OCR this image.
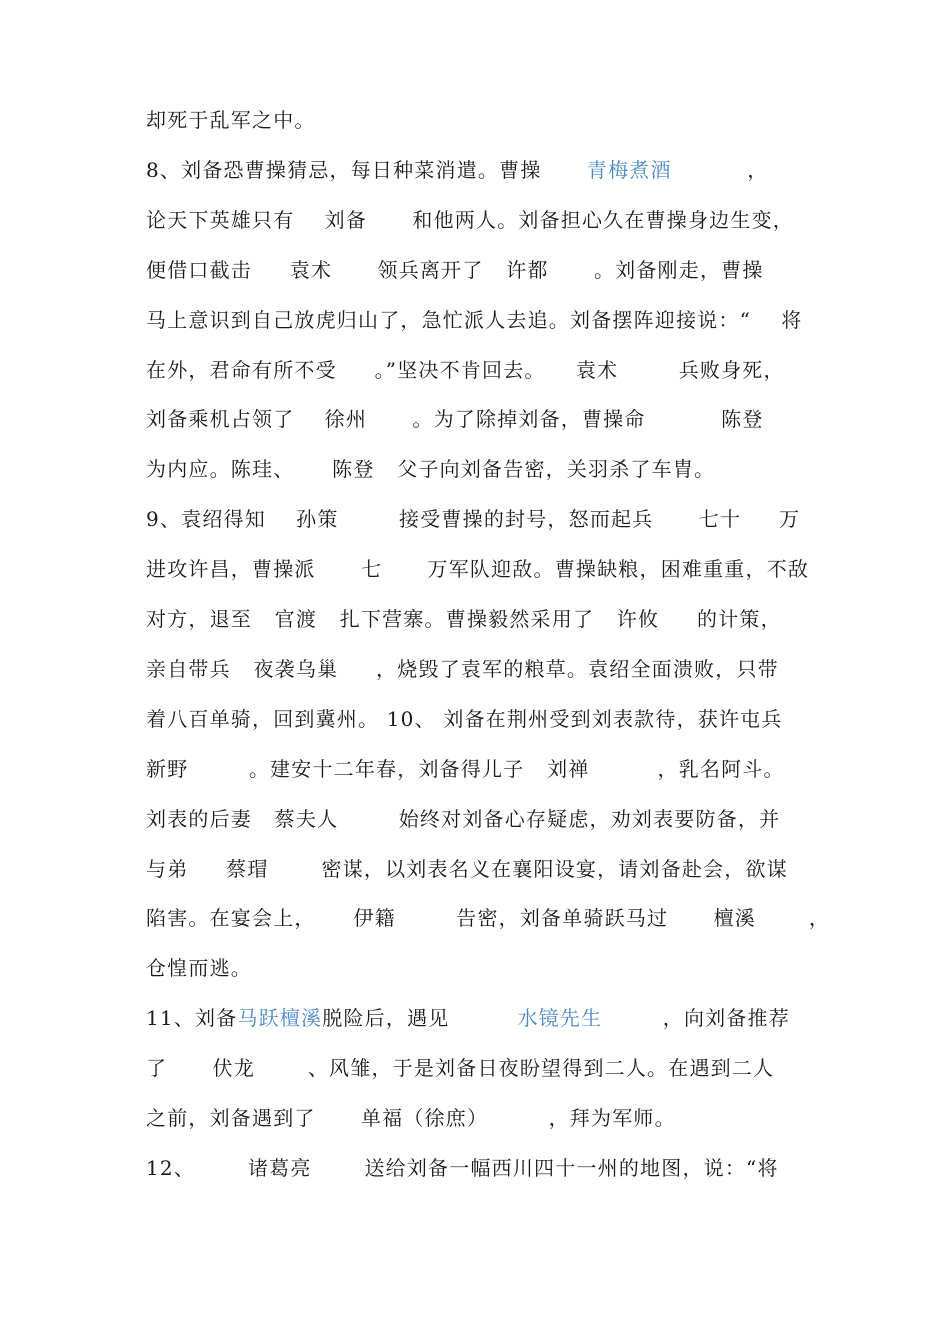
却死于乱军之中。
8、刘备恐曹操猜忌，每日种菜消遣。曹操      青梅煮酒          ，
论天下英雄只有    刘备      和他两人。刘备担心久在曹操身边生变，
便借口截击     袁术      领兵离开了   许都      。刘备刚走，曹操
马上意识到自己放虎归山了，急忙派人去追。刘备摆阵迎接说：“    将
在外，君命有所不受     。”坚决不肯回去。    袁术        兵败身死，
刘备乘机占领了    徐州      。为了除掉刘备，曹操命          陈登
为内应。陈珪、     陈登   父子向刘备告密，关羽杀了车胄。
9、袁绍得知    孙策        接受曹操的封号，怒而起兵      七十     万
进攻许昌，曹操派      七      万军队迎敌。曹操缺粮，困难重重，不敌
对方，退至   官渡   扎下营寨。曹操毅然采用了   许攸     的计策，
亲自带兵   夜袭乌巢     ，烧毁了袁军的粮草。袁绍全面溃败，只带
着八百单骑，回到冀州。 10、 刘备在荆州受到刘表款待，获许屯兵
新野        。建安十二年春，刘备得儿子   刘禅         ，乳名阿斗。
刘表的后妻   蔡夫人        始终对刘备心存疑虑，劝刘表要防备，并
与弟     蔡瑁       密谋，以刘表名义在襄阳设宴，请刘备赴会，欲谋
陷害。在宴会上，     伊籍        告密，刘备单骑跃马过      檀溪       ，
仓惶而逃。
11、刘备马跃檀溪脱险后，遇见         水镜先生        ，向刘备推荐
了      伏龙       、风雏，于是刘备日夜盼望得到二人。在遇到二人
之前，刘备遇到了      单福（徐庶）        ，拜为军师。
12、       诸葛亮       送给刘备一幅西川四十一州的地图，说：“将
